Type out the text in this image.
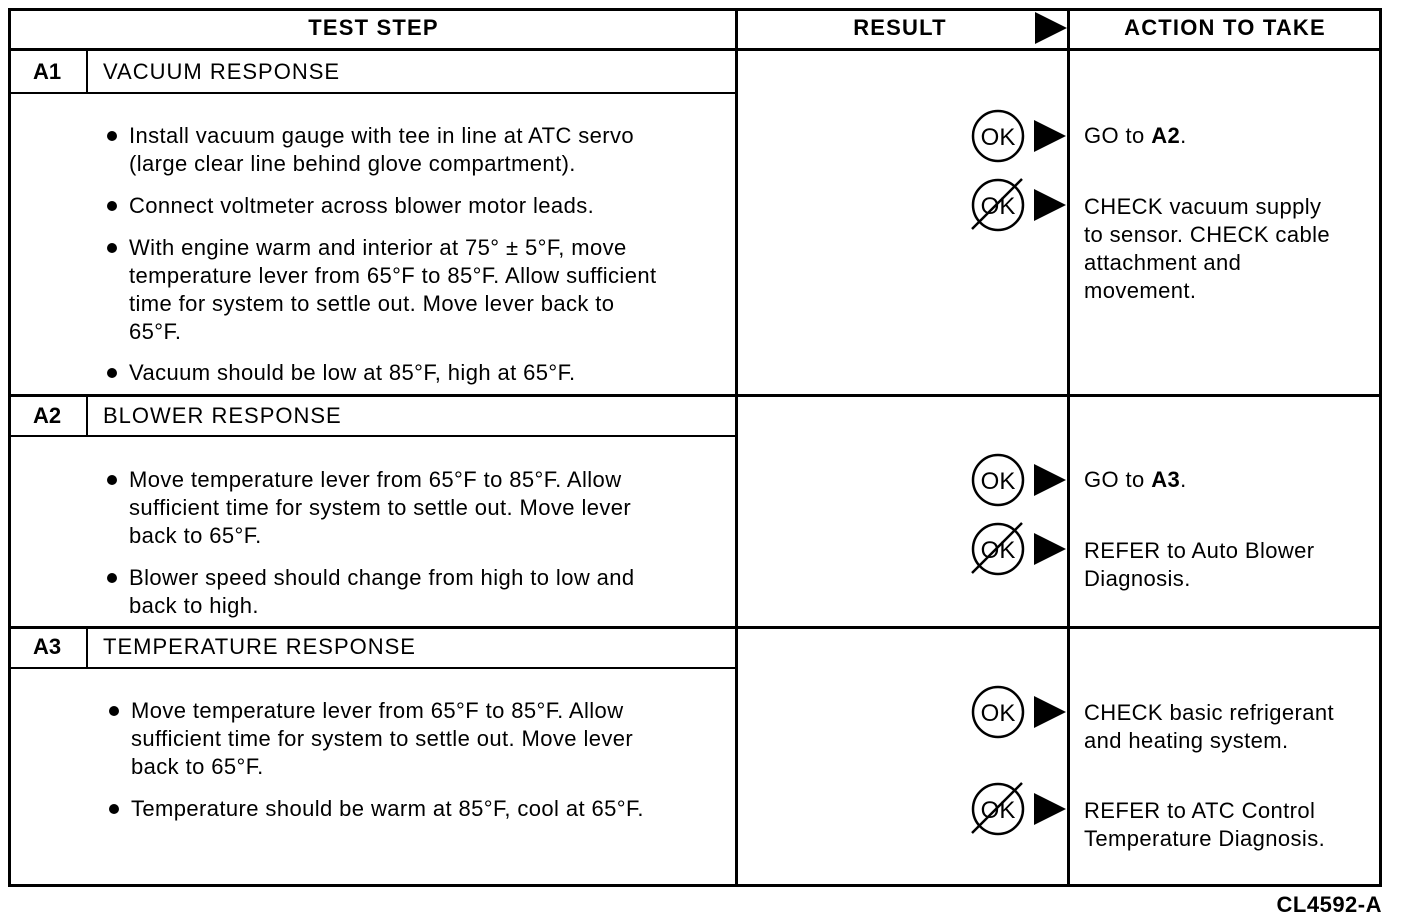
TEST STEP	RESULT	ACTION TO TAKE
A1	VACUUM RESPONSE
Install vacuum gauge with tee in line at ATC servo
(large clear line behind glove compartment).
Connect voltmeter across blower motor leads.
With engine warm and interior at 75° ± 5°F, move
temperature lever from 65°F to 85°F. Allow sufficient
time for system to settle out. Move lever back to
65°F.
Vacuum should be low at 85°F, high at 65°F.
OK	GO to A2.
OK	CHECK vacuum supply
to sensor. CHECK cable
attachment and
movement.
A2	BLOWER RESPONSE
Move temperature lever from 65°F to 85°F. Allow
sufficient time for system to settle out. Move lever
back to 65°F.
Blower speed should change from high to low and
back to high.
OK	GO to A3.
OK	REFER to Auto Blower
Diagnosis.
A3	TEMPERATURE RESPONSE
Move temperature lever from 65°F to 85°F. Allow
sufficient time for system to settle out. Move lever
back to 65°F.
Temperature should be warm at 85°F, cool at 65°F.
OK	CHECK basic refrigerant
and heating system.
OK	REFER to ATC Control
Temperature Diagnosis.
CL4592-A
